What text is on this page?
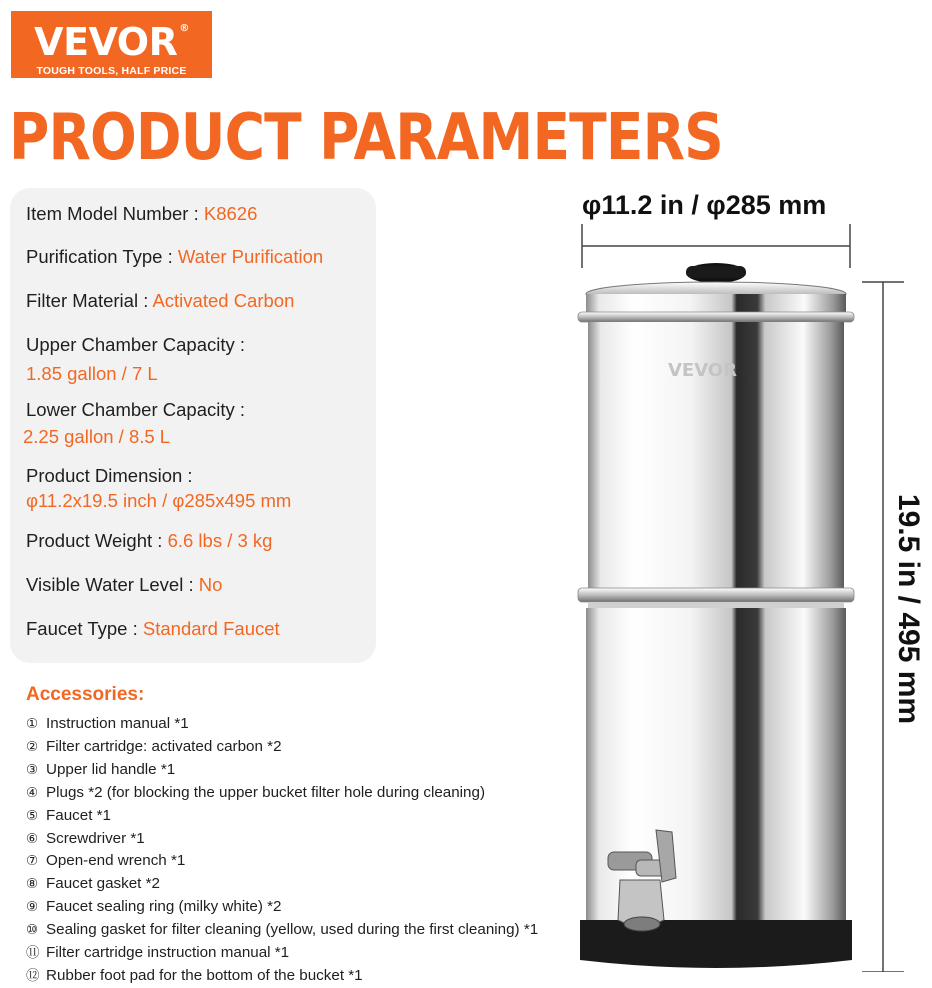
VEVOR ®
TOUGH TOOLS, HALF PRICE
PRODUCT PARAMETERS
Item Model Number : K8626
Purification Type : Water Purification
Filter Material : Activated Carbon
Upper Chamber Capacity :
1.85 gallon / 7 L
Lower Chamber Capacity :
2.25 gallon / 8.5 L
Product Dimension :
φ11.2x19.5 inch / φ285x495 mm
Product Weight : 6.6 lbs / 3 kg
Visible Water Level : No
Faucet Type : Standard Faucet
Accessories:
① Instruction manual *1
② Filter cartridge: activated carbon *2
③ Upper lid handle *1
④ Plugs *2 (for blocking the upper bucket filter hole during cleaning)
⑤ Faucet *1
⑥ Screwdriver *1
⑦ Open-end wrench *1
⑧ Faucet gasket *2
⑨ Faucet sealing ring (milky white) *2
⑩ Sealing gasket for filter cleaning (yellow, used during the first cleaning) *1
⑪ Filter cartridge instruction manual *1
⑫ Rubber foot pad for the bottom of the bucket *1
φ11.2 in / φ285 mm
19.5 in / 495 mm
VEVOR
